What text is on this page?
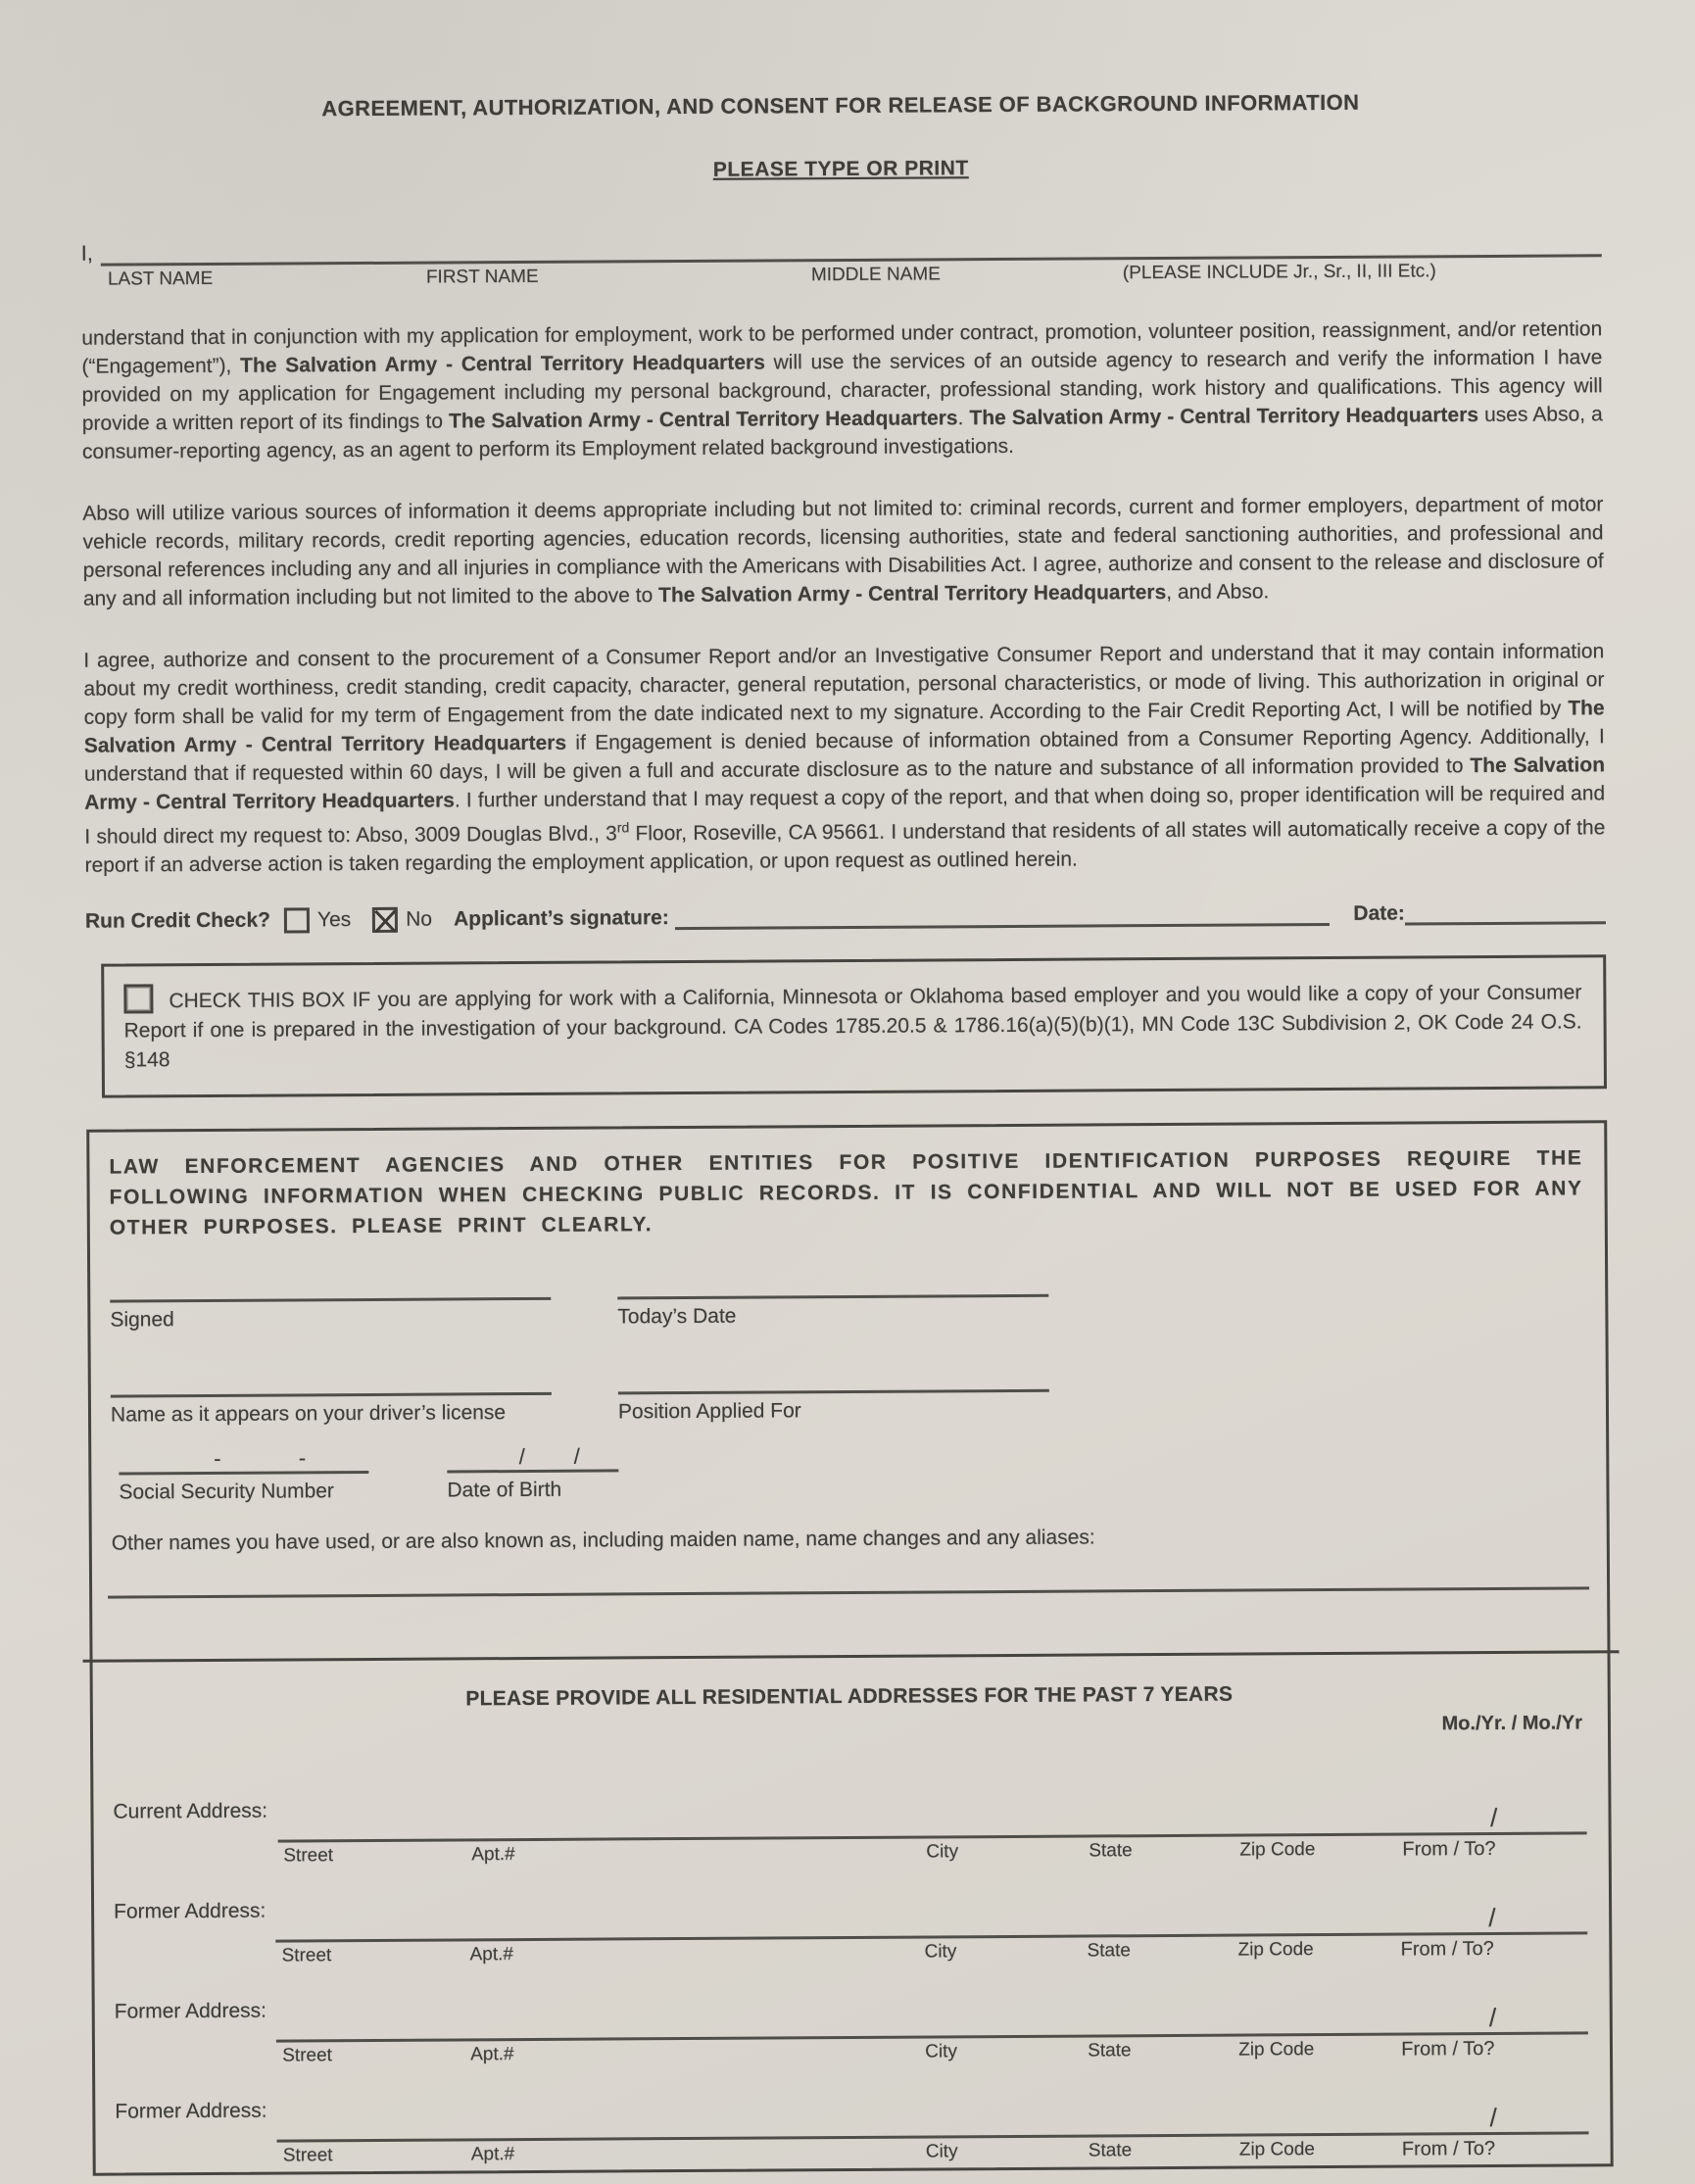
AGREEMENT, AUTHORIZATION, AND CONSENT FOR RELEASE OF BACKGROUND INFORMATION
PLEASE TYPE OR PRINT
I,
LAST NAME	FIRST NAME	MIDDLE NAME	(PLEASE INCLUDE Jr., Sr., II, III Etc.)
understand that in conjunction with my application for employment, work to be performed under contract, promotion, volunteer position, reassignment, and/or retention (“Engagement”), The Salvation Army - Central Territory Headquarters will use the services of an outside agency to research and verify the information I have provided on my application for Engagement including my personal background, character, professional standing, work history and qualifications. This agency will provide a written report of its findings to The Salvation Army - Central Territory Headquarters. The Salvation Army - Central Territory Headquarters uses Abso, a consumer-reporting agency, as an agent to perform its Employment related background investigations.
Abso will utilize various sources of information it deems appropriate including but not limited to: criminal records, current and former employers, department of motor vehicle records, military records, credit reporting agencies, education records, licensing authorities, state and federal sanctioning authorities, and professional and personal references including any and all injuries in compliance with the Americans with Disabilities Act. I agree, authorize and consent to the release and disclosure of any and all information including but not limited to the above to The Salvation Army - Central Territory Headquarters, and Abso.
I agree, authorize and consent to the procurement of a Consumer Report and/or an Investigative Consumer Report and understand that it may contain information about my credit worthiness, credit standing, credit capacity, character, general reputation, personal characteristics, or mode of living. This authorization in original or copy form shall be valid for my term of Engagement from the date indicated next to my signature. According to the Fair Credit Reporting Act, I will be notified by The Salvation Army - Central Territory Headquarters if Engagement is denied because of information obtained from a Consumer Reporting Agency. Additionally, I understand that if requested within 60 days, I will be given a full and accurate disclosure as to the nature and substance of all information provided to The Salvation Army - Central Territory Headquarters. I further understand that I may request a copy of the report, and that when doing so, proper identification will be required and I should direct my request to: Abso, 3009 Douglas Blvd., 3rd Floor, Roseville, CA 95661. I understand that residents of all states will automatically receive a copy of the report if an adverse action is taken regarding the employment application, or upon request as outlined herein.
Run Credit Check? Yes	No Applicant’s signature:	Date:
CHECK THIS BOX IF you are applying for work with a California, Minnesota or Oklahoma based employer and you would like a copy of your Consumer Report if one is prepared in the investigation of your background. CA Codes 1785.20.5 & 1786.16(a)(5)(b)(1), MN Code 13C Subdivision 2, OK Code 24 O.S. §148
LAW ENFORCEMENT AGENCIES AND OTHER ENTITIES FOR POSITIVE IDENTIFICATION PURPOSES REQUIRE THE FOLLOWING INFORMATION WHEN CHECKING PUBLIC RECORDS. IT IS CONFIDENTIAL AND WILL NOT BE USED FOR ANY OTHER PURPOSES. PLEASE PRINT CLEARLY.
Signed	Today’s Date
Name as it appears on your driver’s license	Position Applied For
-	-
Social Security Number
/ /
Date of Birth
Other names you have used, or are also known as, including maiden name, name changes and any aliases:
PLEASE PROVIDE ALL RESIDENTIAL ADDRESSES FOR THE PAST 7 YEARS
Mo./Yr. / Mo./Yr
Current Address:	/
Street	Apt.#	City	State	Zip Code	From / To?
Former Address:	/
Street	Apt.#	City	State	Zip Code	From / To?
Former Address:	/
Street	Apt.#	City	State	Zip Code	From / To?
Former Address:	/
Street	Apt.#	City	State	Zip Code	From / To?
